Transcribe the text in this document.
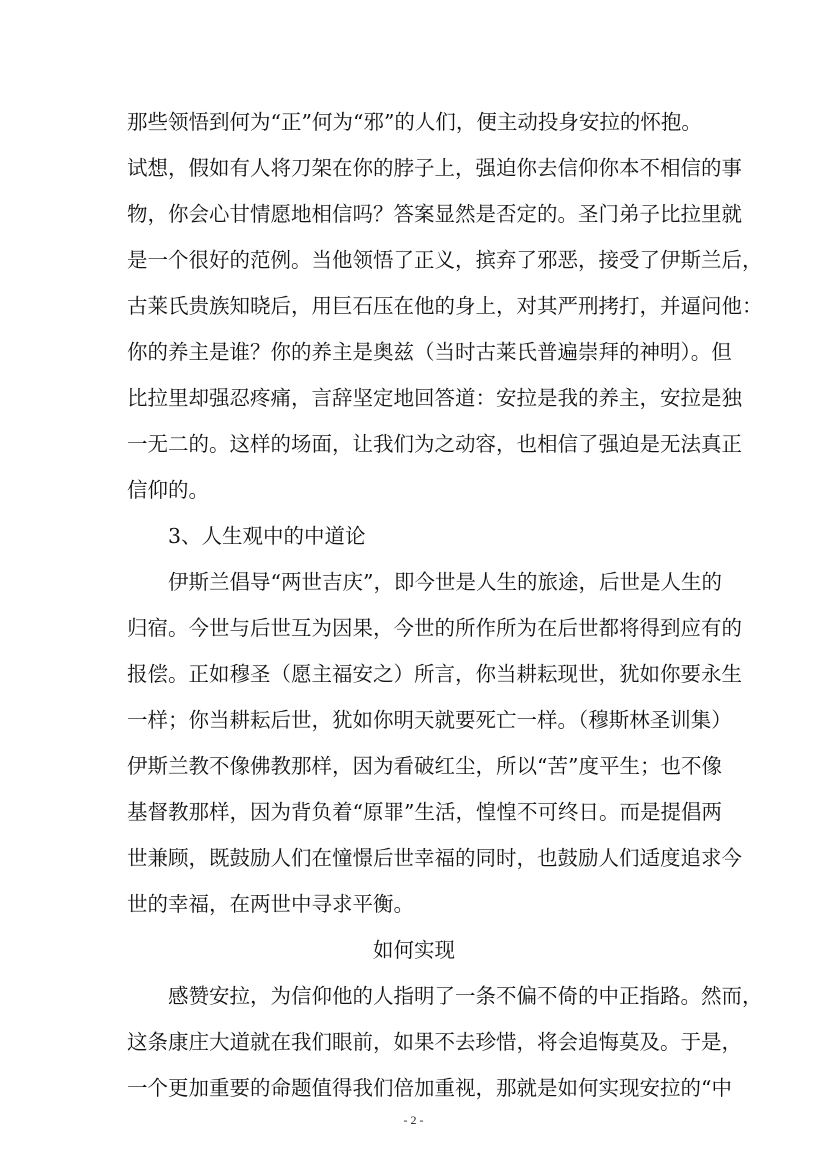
那些领悟到何为“正”何为“邪”的人们，便主动投身安拉的怀抱。
试想，假如有人将刀架在你的脖子上，强迫你去信仰你本不相信的事
物，你会心甘情愿地相信吗？答案显然是否定的。圣门弟子比拉里就
是一个很好的范例。当他领悟了正义，摈弃了邪恶，接受了伊斯兰后，
古莱氏贵族知晓后，用巨石压在他的身上，对其严刑拷打，并逼问他：
你的养主是谁？你的养主是奥兹（当时古莱氏普遍崇拜的神明）。但
比拉里却强忍疼痛，言辞坚定地回答道：安拉是我的养主，安拉是独
一无二的。这样的场面，让我们为之动容，也相信了强迫是无法真正
信仰的。
3、人生观中的中道论
伊斯兰倡导“两世吉庆”，即今世是人生的旅途，后世是人生的
归宿。今世与后世互为因果，今世的所作所为在后世都将得到应有的
报偿。正如穆圣（愿主福安之）所言，你当耕耘现世，犹如你要永生
一样；你当耕耘后世，犹如你明天就要死亡一样。（穆斯林圣训集）
伊斯兰教不像佛教那样，因为看破红尘，所以“苦”度平生；也不像
基督教那样，因为背负着“原罪”生活，惶惶不可终日。而是提倡两
世兼顾，既鼓励人们在憧憬后世幸福的同时，也鼓励人们适度追求今
世的幸福，在两世中寻求平衡。
如何实现
感赞安拉，为信仰他的人指明了一条不偏不倚的中正指路。然而，
这条康庄大道就在我们眼前，如果不去珍惜，将会追悔莫及。于是，
一个更加重要的命题值得我们倍加重视，那就是如何实现安拉的“中
- 2 -
